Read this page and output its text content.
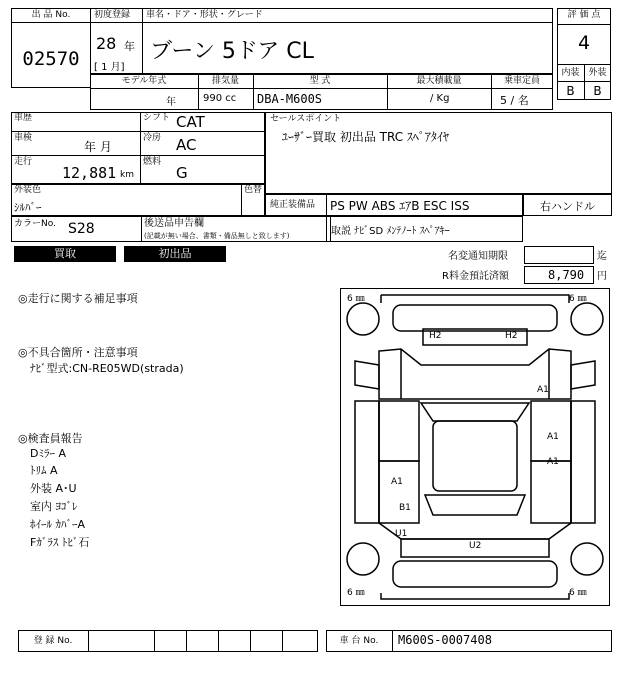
出 品 No.
02570
初度登録 車名・ドア・形状・グレード
28 年
[ 1 月]
ブーン 5ドア CL
評 価 点
4
内装 外装
B	B
モデル年式	排気量	型 式	最大積載量	乗車定員
年	990 cc DBA-M600S	/ Kg	5 / 名
車歴
車検
年 月
走行
12,881 km
シフト CAT
冷房 AC
燃料
G
セールスポイント
ﾕｰｻﾞｰ買取 初出品 TRC ｽﾍﾟｱﾀｲﾔ
外装色
ｼﾙﾊﾞｰ
色替
カラーNo. S28	後送品申告欄
(記載が無い場合、書類・備品無しと致します)
純正装備品 PS PW ABS ｴｱB ESC ISS	右ハンドル
取説 ﾅﾋﾞSD ﾒﾝﾃﾉｰﾄ ｽﾍﾟｱｷｰ
買取	初出品	名変通知期限	迄
R料金預託済額	8,790 円
◎走行に関する補足事項
◎不具合箇所・注意事項
ﾅﾋﾞ型式:CN-RE05WD(strada)
◎検査員報告
Dﾐﾗｰ A
ﾄﾘﾑ A
外装 A･U
室内 ﾖｺﾞﾚ
ﾎｲｰﾙ ｶﾊﾞｰA
Fｶﾞﾗｽ ﾄﾋﾞ石
6 ㎜	6 ㎜
6 ㎜	6 ㎜
H2	H2
A1
A1
A1
A1
B1
U1
U2
登 録 No.	車 台 No.	M600S-0007408
